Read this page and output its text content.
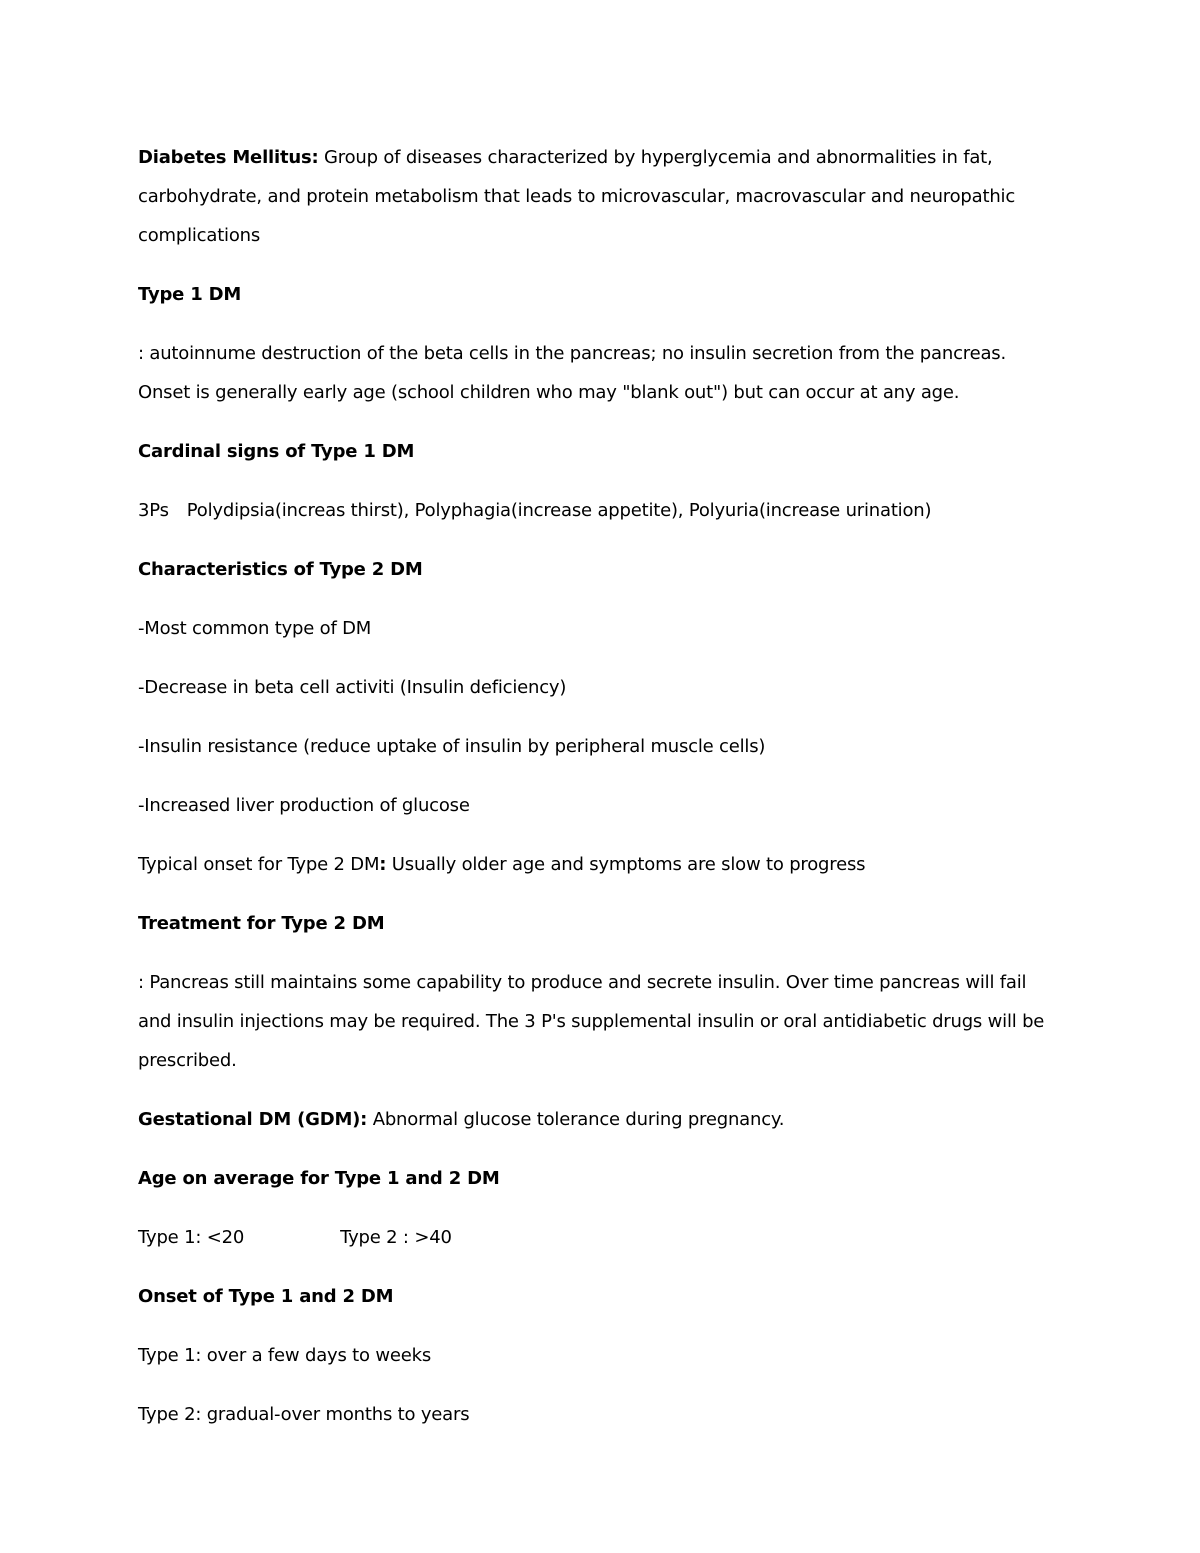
Diabetes Mellitus: Group of diseases characterized by hyperglycemia and abnormalities in fat, carbohydrate, and protein metabolism that leads to microvascular, macrovascular and neuropathic complications

Type 1 DM

: autoinnume destruction of the beta cells in the pancreas; no insulin secretion from the pancreas. Onset is generally early age (school children who may "blank out") but can occur at any age.

Cardinal signs of Type 1 DM

3Ps Polydipsia(increas thirst), Polyphagia(increase appetite), Polyuria(increase urination)

Characteristics of Type 2 DM

-Most common type of DM

-Decrease in beta cell activiti (Insulin deficiency)

-Insulin resistance (reduce uptake of insulin by peripheral muscle cells)

-Increased liver production of glucose

Typical onset for Type 2 DM: Usually older age and symptoms are slow to progress

Treatment for Type 2 DM

: Pancreas still maintains some capability to produce and secrete insulin. Over time pancreas will fail and insulin injections may be required. The 3 P's supplemental insulin or oral antidiabetic drugs will be prescribed.

Gestational DM (GDM): Abnormal glucose tolerance during pregnancy.

Age on average for Type 1 and 2 DM

Type 1: <20	Type 2 : >40

Onset of Type 1 and 2 DM

Type 1: over a few days to weeks

Type 2: gradual-over months to years
